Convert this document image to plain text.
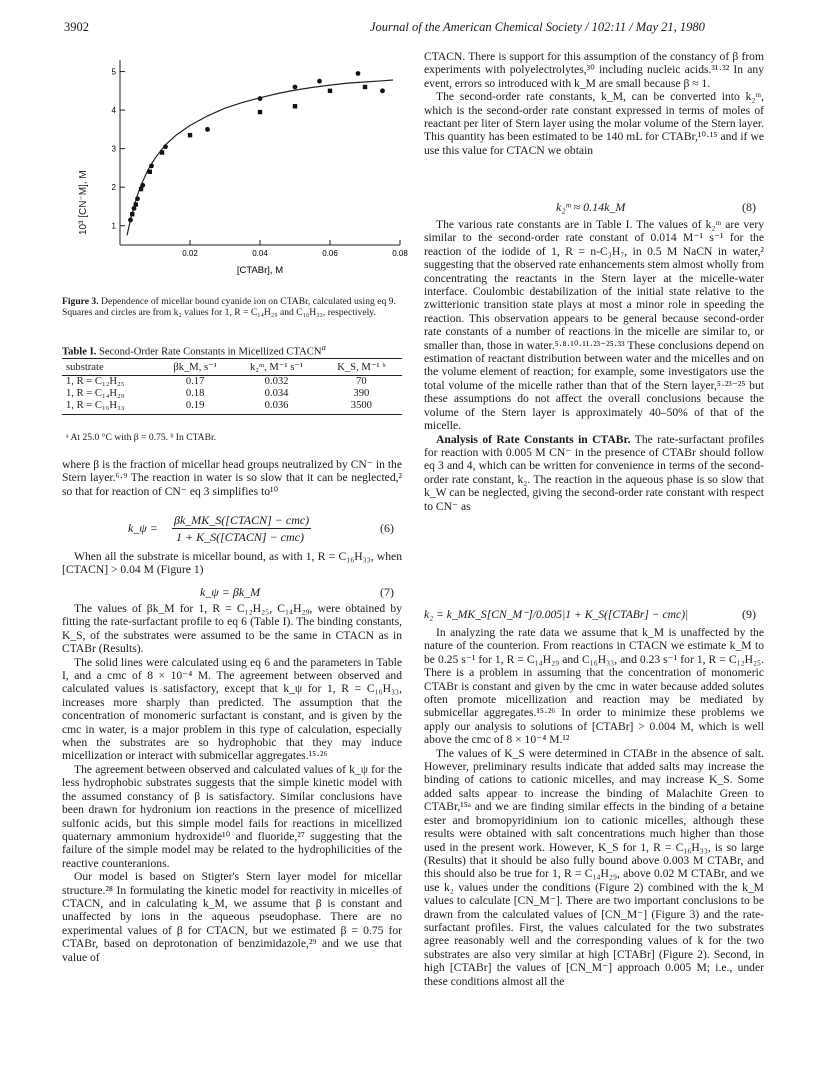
3902	Journal of the American Chemical Society / 102:11 / May 21, 1980
1
2
3
4
5
0.02	0.04	0.06	0.08
[CTABr], M
10³ [CN⁻M], M
Figure 3. Dependence of micellar bound cyanide ion on CTABr, calculated using eq 9. Squares and circles are from k₂ values for 1, R = C₁₄H₂₉ and C₁₆H₃₃, respectively.
Table I. Second-Order Rate Constants in Micellized CTACN$^a$
substrate	βk_M, s⁻¹	k₂ᵐ, M⁻¹ s⁻¹	K_S, M⁻¹ ᵇ
1, R = C₁₂H₂₅	0.17	0.032	70
1, R = C₁₄H₂₉	0.18	0.034	390
1, R = C₁₆H₃₃	0.19	0.036	3500
ᵃ At 25.0 °C with β = 0.75. ᵇ In CTABr.

where β is the fraction of micellar head groups neutralized by CN⁻ in the Stern layer.⁶·⁹ The reaction in water is so slow that it can be neglected,² so that for reaction of CN⁻ eq 3 simplifies to¹⁰

k_ψ =
βk_MK_S([CTACN] − cmc)
1 + K_S([CTACN] − cmc)
(6)

When all the substrate is micellar bound, as with 1, R = C₁₆H₃₃, when [CTACN] > 0.04 M (Figure 1)

k_ψ = βk_M	(7)

The values of βk_M for 1, R = C₁₂H₂₅, C₁₄H₂₉, were obtained by fitting the rate-surfactant profile to eq 6 (Table I). The binding constants, K_S, of the substrates were assumed to be the same in CTACN as in CTABr (Results).

The solid lines were calculated using eq 6 and the parameters in Table I, and a cmc of 8 × 10⁻⁴ M. The agreement between observed and calculated values is satisfactory, except that k_ψ for 1, R = C₁₆H₃₃, increases more sharply than predicted. The assumption that the concentration of monomeric surfactant is constant, and is given by the cmc in water, is a major problem in this type of calculation, especially when the substrates are so hydrophobic that they may induce micellization or interact with submicellar aggregates.¹⁵·²⁶

The agreement between observed and calculated values of k_ψ for the less hydrophobic substrates suggests that the simple kinetic model with the assumed constancy of β is satisfactory. Similar conclusions have been drawn for hydronium ion reactions in the presence of micellized sulfonic acids, but this simple model fails for reactions in micellized quaternary ammonium hydroxide¹⁰ and fluoride,²⁷ suggesting that the failure of the simple model may be related to the hydrophilicities of the reactive counteranions.

Our model is based on Stigter's Stern layer model for micellar structure.²⁸ In formulating the kinetic model for reactivity in micelles of CTACN, and in calculating k_M, we assume that β is constant and unaffected by ions in the aqueous pseudophase. There are no experimental values of β for CTACN, but we estimated β = 0.75 for CTABr, based on deprotonation of benzimidazole,²⁹ and we use that value of

CTACN. There is support for this assumption of the constancy of β from experiments with polyelectrolytes,³⁰ including nucleic acids.³¹·³² In any event, errors so introduced with k_M are small because β ≈ 1.

The second-order rate constants, k_M, can be converted into k₂ᵐ, which is the second-order rate constant expressed in terms of moles of reactant per liter of Stern layer using the molar volume of the Stern layer. This quantity has been estimated to be 140 mL for CTABr,¹⁰·¹⁵ and if we use this value for CTACN we obtain

k₂ᵐ ≈ 0.14k_M	(8)

The various rate constants are in Table I. The values of k₂ᵐ are very similar to the second-order rate constant of 0.014 M⁻¹ s⁻¹ for the reaction of the iodide of 1, R = n-C₃H₇, in 0.5 M NaCN in water,² suggesting that the observed rate enhancements stem almost wholly from concentrating the reactants in the Stern layer at the micelle-water interface. Coulombic destabilization of the initial state relative to the zwitterionic transition state plays at most a minor role in speeding the reaction. This observation appears to be general because second-order rate constants of a number of reactions in the micelle are similar to, or smaller than, those in water.⁵·⁸·¹⁰·¹¹·²³⁻²⁵·³³ These conclusions depend on estimation of reactant distribution between water and the micelles and on the volume element of reaction; for example, some investigators use the total volume of the micelle rather than that of the Stern layer,⁵·²³⁻²⁵ but these assumptions do not affect the overall conclusions because the volume of the Stern layer is approximately 40–50% of that of the micelle.

Analysis of Rate Constants in CTABr. The rate-surfactant profiles for reaction with 0.005 M CN⁻ in the presence of CTABr should follow eq 3 and 4, which can be written for convenience in terms of the second-order rate constant, k₂. The reaction in the aqueous phase is so slow that k_W can be neglected, giving the second-order rate constant with respect to CN⁻ as

k₂ = k_MK_S[CN_M⁻]/0.005|1 + K_S([CTABr] − cmc)|	(9)

In analyzing the rate data we assume that k_M is unaffected by the nature of the counterion. From reactions in CTACN we estimate k_M to be 0.25 s⁻¹ for 1, R = C₁₄H₂₉ and C₁₆H₃₃, and 0.23 s⁻¹ for 1, R = C₁₂H₂₅. There is a problem in assuming that the concentration of monomeric CTABr is constant and given by the cmc in water because added solutes often promote micellization and reaction may be mediated by submicellar aggregates.¹⁵·²⁶ In order to minimize these problems we apply our analysis to solutions of [CTABr] > 0.004 M, which is well above the cmc of 8 × 10⁻⁴ M.¹²

The values of K_S were determined in CTABr in the absence of salt. However, preliminary results indicate that added salts may increase the binding of cations to cationic micelles, and may increase K_S. Some added salts appear to increase the binding of Malachite Green to CTABr,¹⁵ᵃ and we are finding similar effects in the binding of a betaine ester and bromopyridinium ion to cationic micelles, although these results were obtained with salt concentrations much higher than those used in the present work. However, K_S for 1, R = C₁₆H₃₃, is so large (Results) that it should be also fully bound above 0.003 M CTABr, and this should also be true for 1, R = C₁₄H₂₉, above 0.02 M CTABr, and we use k₂ values under the conditions (Figure 2) combined with the k_M values to calculate [CN_M⁻]. There are two important conclusions to be drawn from the calculated values of [CN_M⁻] (Figure 3) and the rate-surfactant profiles. First, the values calculated for the two substrates agree reasonably well and the corresponding values of k for the two substrates are also very similar at high [CTABr] (Figure 2). Second, in high [CTABr] the values of [CN_M⁻] approach 0.005 M; i.e., under these conditions almost all the
